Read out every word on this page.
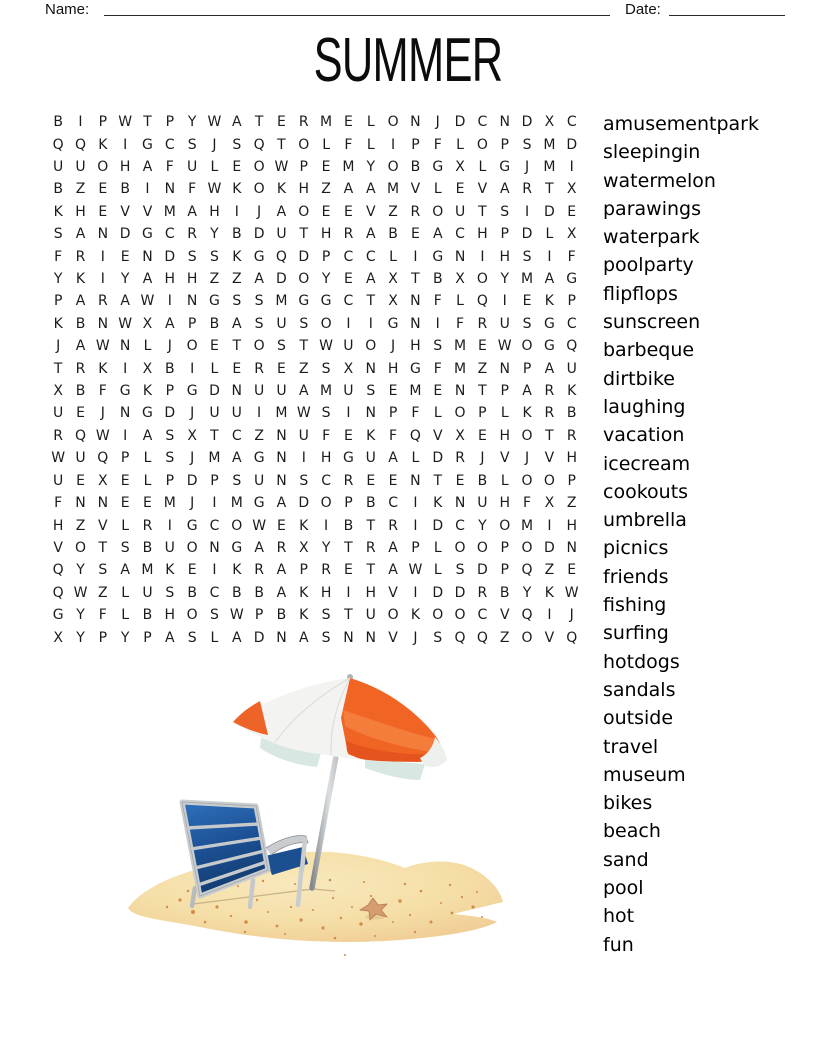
Name:	Date:
SUMMER
B	I	P W T P Y W A T E R M E L O N	J	D C N D X C
Q Q K	I	G C S	J	S Q T O L	F	L	I	P	F	L O P S M D
U U O H A F U L	E O W P E M Y O B G X L G	J	M	I
B Z E B	I	N F W K O K H Z A A M V L	E V A R T X
K H E V V M A H	I	J	A O E E V Z R O U T S	I	D E
S A N D G C R Y B D U T H R A B E A C H P D L X
F R	I	E N D S S K G Q D P C C L	I	G N	I	H S	I	F
Y K	I	Y A H H Z Z A D O Y E A X T B X O Y M A G
P A R A W I	N G S S M G G C T X N F	L Q	I	E K P
K B N W X A P B A S U S O	I	I	G N	I	F R U S G C
J	A W N L	J	O E T O S T W U O	J	H S M E W O G Q
T R K	I	X B	I	L	E R E Z S X N H G F M Z N P A U
X B F G K P G D N U U A M U S E M E N T P A R K
U E	J	N G D	J	U U	I	M W S	I	N P	F	L O P	L K R B
R Q W I	A S X T C Z N U F E K F Q V X E H O T R
W U Q P	L S	J	M A G N	I	H G U A L D R	J	V	J	V H
U E X E L	P D P S U N S C R E E N T E B L O O P
F N N E E M	J	I	M G A D O P B C	I	K N U H F X Z
H Z V L R	I	G C O W E K	I	B T R	I	D C Y O M	I	H
V O T S B U O N G A R X Y T R A P	L O O P O D N
Q Y S A M K E	I	K R A P R E T A W L S D P Q Z E
Q W Z L U S B C B B A K H	I	H V	I	D D R B Y K W
G Y	F	L B H O S W P B K S T U O K O O C V Q	I	J
X Y P Y P A S L A D N A S N N V	J	S Q Q Z O V Q
amusementpark
sleepingin
watermelon
parawings
waterpark
poolparty
flipflops
sunscreen
barbeque
dirtbike
laughing
vacation
icecream
cookouts
umbrella
picnics
friends
fishing
surfing
hotdogs
sandals
outside
travel
museum
bikes
beach
sand
pool
hot
fun
